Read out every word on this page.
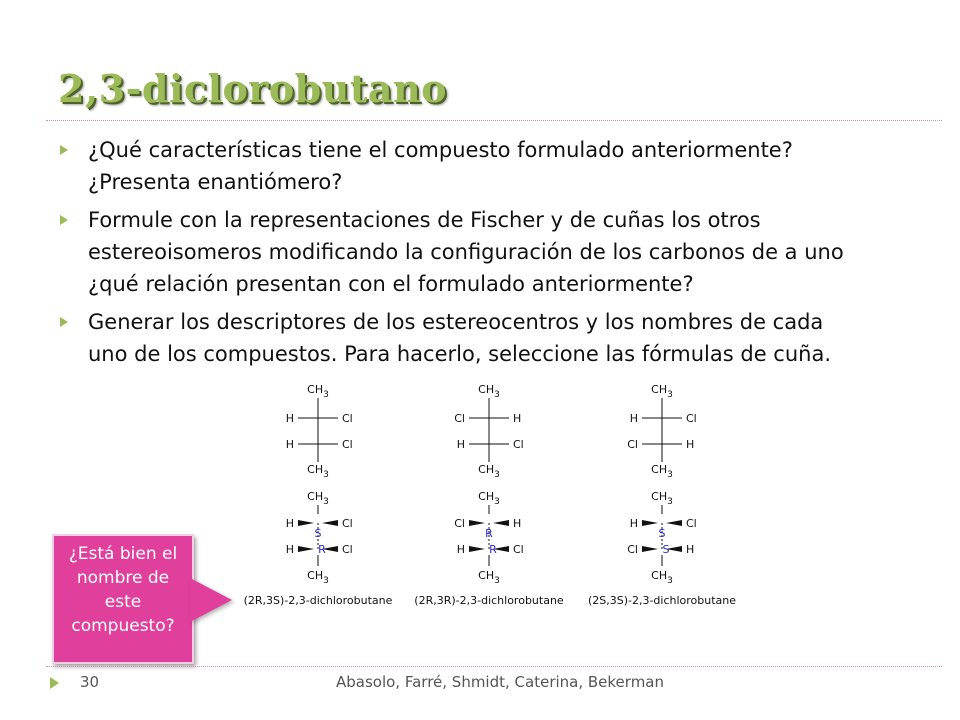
2,3-diclorobutano
¿Qué características tiene el compuesto formulado anteriormente? ¿Presenta enantiómero?
Formule con la representaciones de Fischer y de cuñas los otros estereoisomeros modificando la configuración de los carbonos de a uno ¿qué relación presentan con el formulado anteriormente?
Generar los descriptores de los estereocentros y los nombres de cada uno de los compuestos. Para hacerlo, seleccione las fórmulas de cuña.
$CH_3$
H	Cl
H	Cl
$CH_3$
$CH_3$
H	Cl
H	Cl
S
R
$CH_3$
(2R,3S)-2,3-dichlorobutane
$CH_3$
Cl	H
H	Cl
$CH_3$
$CH_3$
Cl	H
H	Cl
R
R
$CH_3$
(2R,3R)-2,3-dichlorobutane
$CH_3$
H	Cl
Cl	H
$CH_3$
$CH_3$
H	Cl
Cl	H
S
S
$CH_3$
(2S,3S)-2,3-dichlorobutane
¿Está bien el nombre de este compuesto?
30	Abasolo, Farré, Shmidt, Caterina, Bekerman
